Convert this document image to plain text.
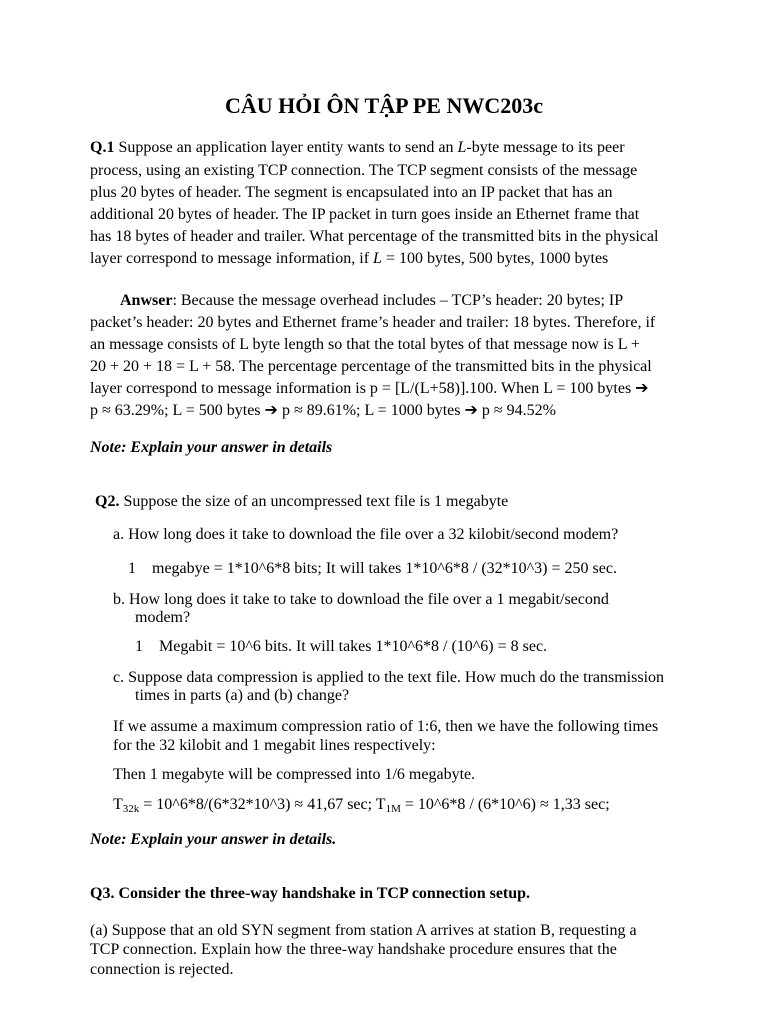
CÂU HỎI ÔN TẬP PE NWC203c
Q.1 Suppose an application layer entity wants to send an L-byte message to its peer
process, using an existing TCP connection. The TCP segment consists of the message
plus 20 bytes of header. The segment is encapsulated into an IP packet that has an
additional 20 bytes of header. The IP packet in turn goes inside an Ethernet frame that
has 18 bytes of header and trailer. What percentage of the transmitted bits in the physical
layer correspond to message information, if L = 100 bytes, 500 bytes, 1000 bytes
Anwser: Because the message overhead includes – TCP’s header: 20 bytes; IP
packet’s header: 20 bytes and Ethernet frame’s header and trailer: 18 bytes. Therefore, if
an message consists of L byte length so that the total bytes of that message now is L +
20 + 20 + 18 = L + 58. The percentage percentage of the transmitted bits in the physical
layer correspond to message information is p = [L/(L+58)].100. When L = 100 bytes ➔
p ≈ 63.29%; L = 500 bytes ➔ p ≈ 89.61%; L = 1000 bytes ➔ p ≈ 94.52%
Note: Explain your answer in details
Q2. Suppose the size of an uncompressed text file is 1 megabyte
a. How long does it take to download the file over a 32 kilobit/second modem?
1    megabye = 1*10^6*8 bits; It will takes 1*10^6*8 / (32*10^3) = 250 sec.
b. How long does it take to take to download the file over a 1 megabit/second
modem?
1    Megabit = 10^6 bits. It will takes 1*10^6*8 / (10^6) = 8 sec.
c. Suppose data compression is applied to the text file. How much do the transmission
times in parts (a) and (b) change?
If we assume a maximum compression ratio of 1:6, then we have the following times
for the 32 kilobit and 1 megabit lines respectively:
Then 1 megabyte will be compressed into 1/6 megabyte.
T32k = 10^6*8/(6*32*10^3) ≈ 41,67 sec; T1M = 10^6*8 / (6*10^6) ≈ 1,33 sec;
Note: Explain your answer in details.
Q3. Consider the three-way handshake in TCP connection setup.
(a) Suppose that an old SYN segment from station A arrives at station B, requesting a
TCP connection. Explain how the three-way handshake procedure ensures that the
connection is rejected.
